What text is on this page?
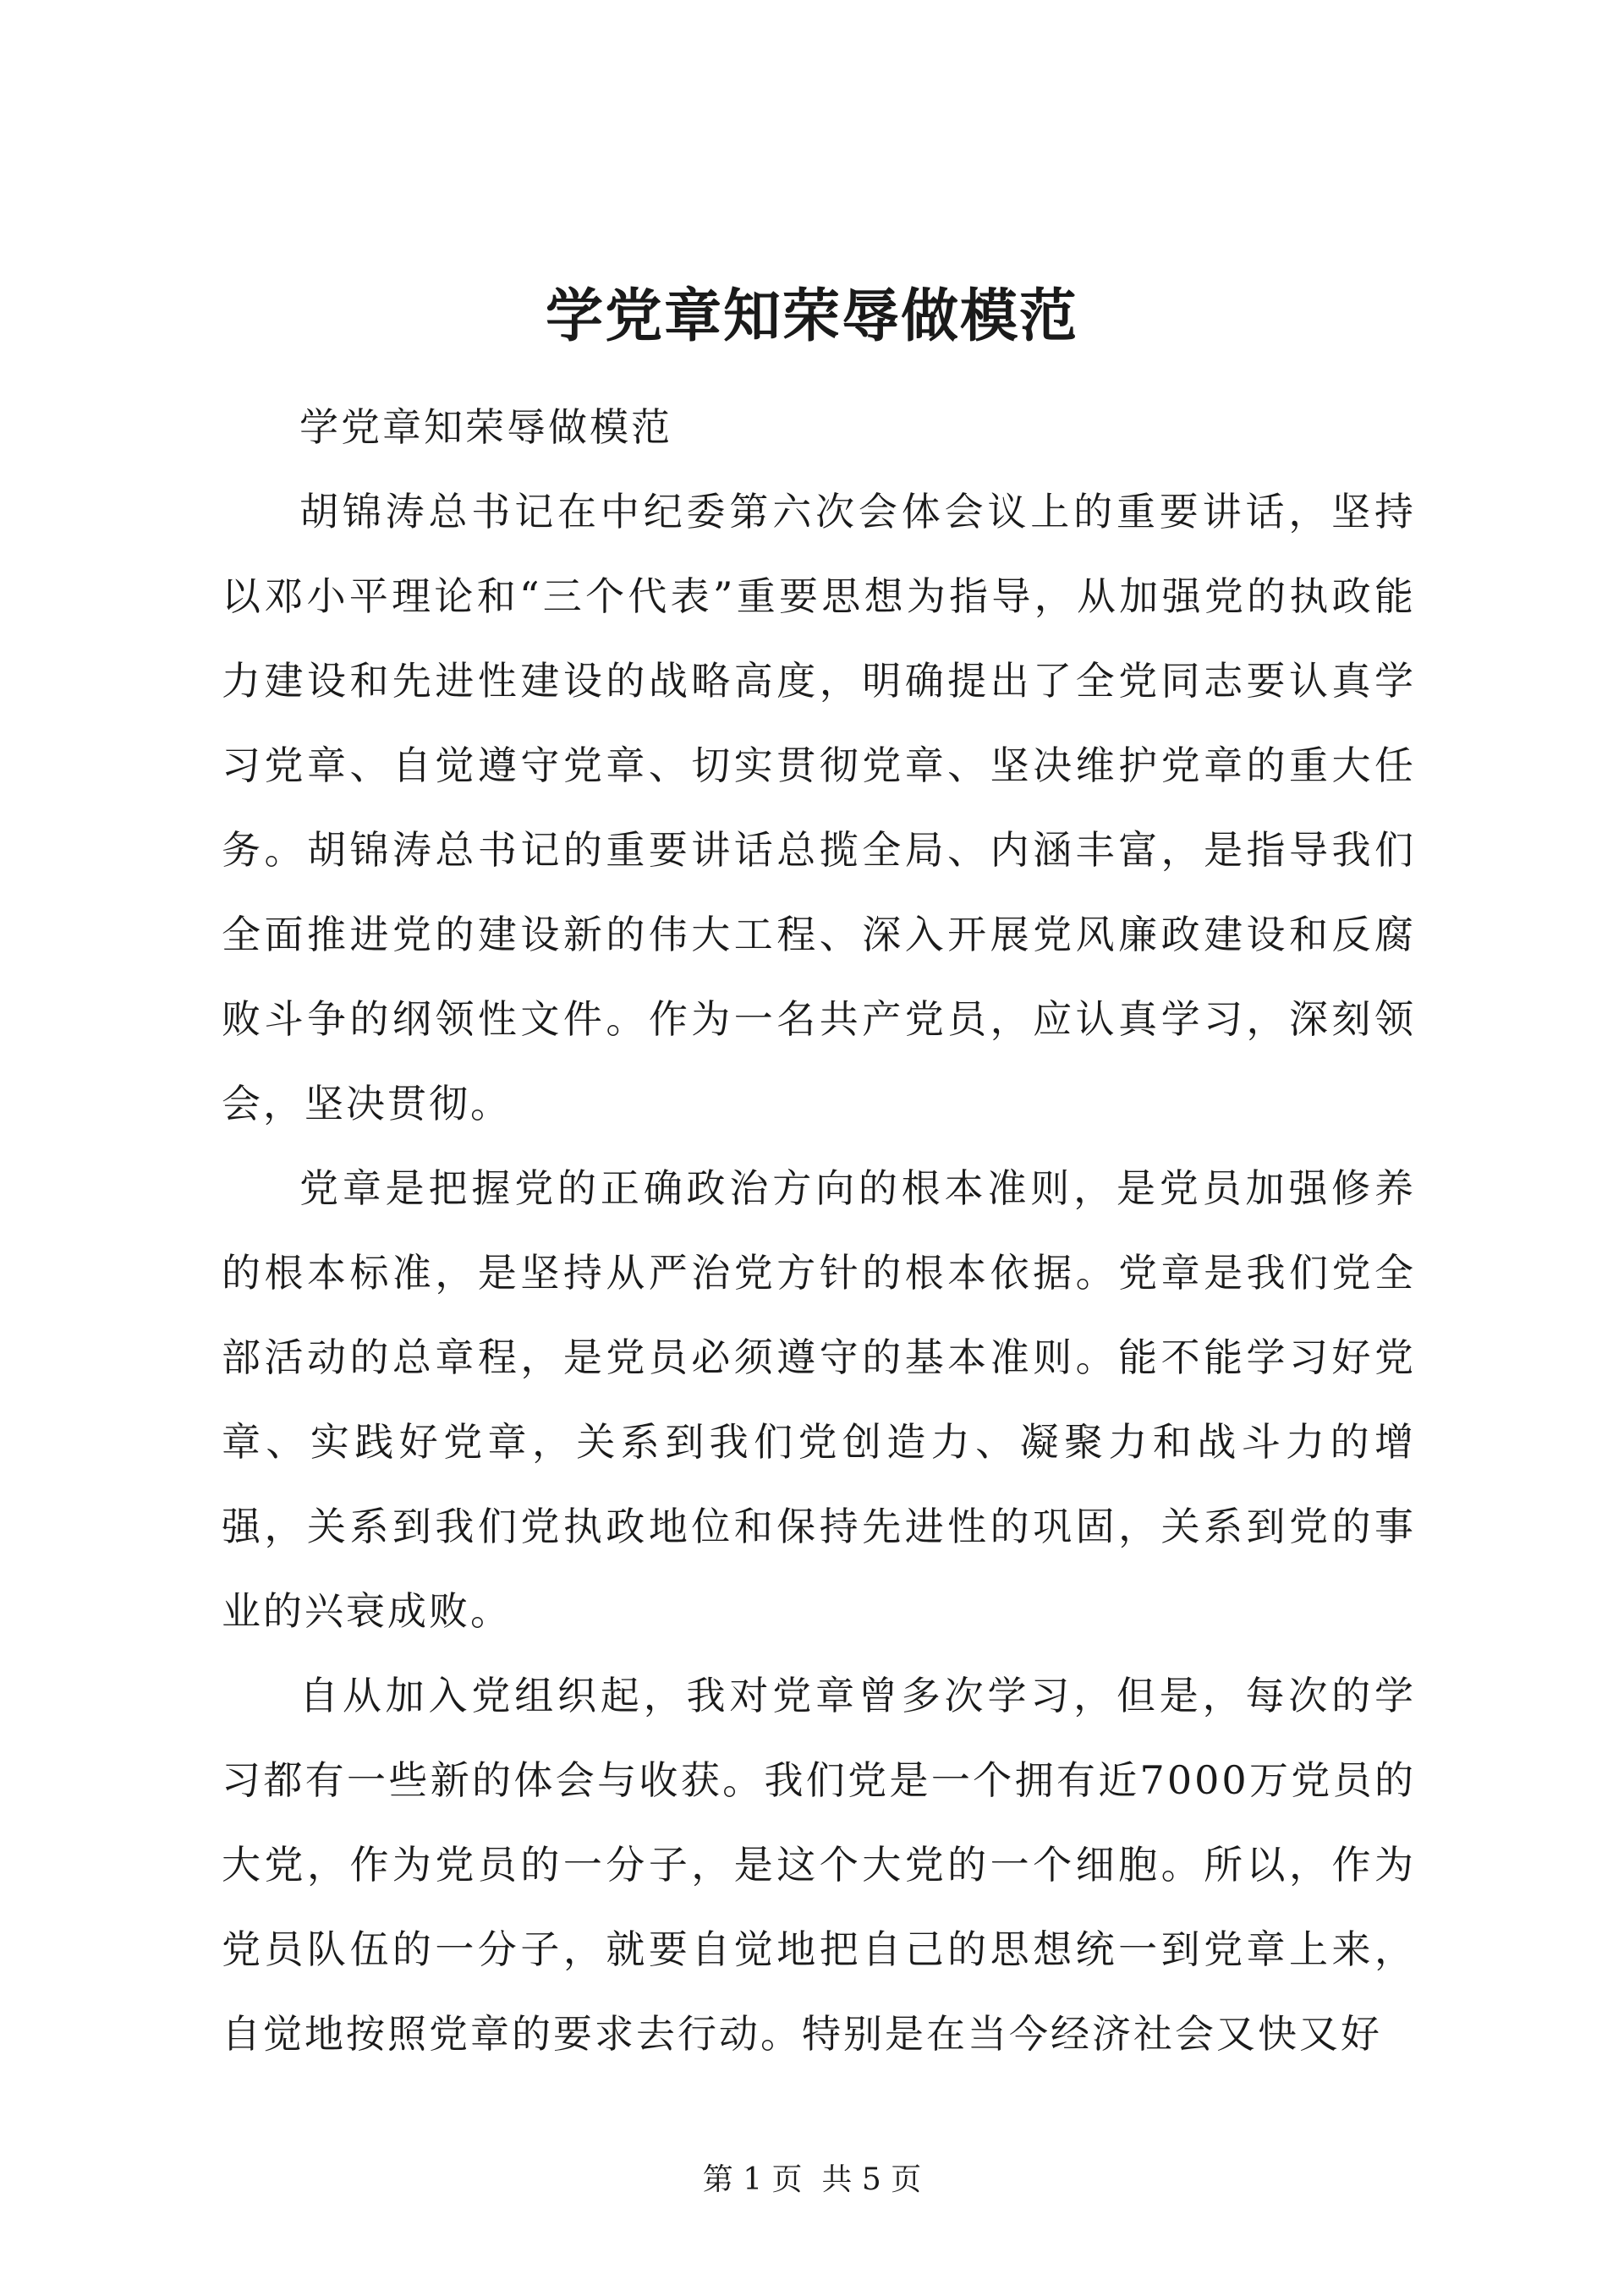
学党章知荣辱做模范

学党章知荣辱做模范

胡锦涛总书记在中纪委第六次会体会议上的重要讲话，坚持以邓小平理论和“三个代表”重要思想为指导，从加强党的执政能力建设和先进性建设的战略高度，明确提出了全党同志要认真学习党章、自觉遵守党章、切实贯彻党章、坚决维护党章的重大任务。胡锦涛总书记的重要讲话总揽全局、内涵丰富，是指导我们全面推进党的建设新的伟大工程、深入开展党风廉政建设和反腐败斗争的纲领性文件。作为一名共产党员，应认真学习，深刻领会，坚决贯彻。

党章是把握党的正确政治方向的根本准则，是党员加强修养的根本标准，是坚持从严治党方针的根本依据。党章是我们党全部活动的总章程，是党员必须遵守的基本准则。能不能学习好党章、实践好党章，关系到我们党创造力、凝聚力和战斗力的增强，关系到我们党执政地位和保持先进性的巩固，关系到党的事业的兴衰成败。

自从加入党组织起，我对党章曾多次学习，但是，每次的学习都有一些新的体会与收获。我们党是一个拥有近7000万党员的大党，作为党员的一分子，是这个大党的一个细胞。所以，作为党员队伍的一分子，就要自觉地把自己的思想统一到党章上来，自觉地按照党章的要求去行动。特别是在当今经济社会又快又好

第 1 页  共 5 页
